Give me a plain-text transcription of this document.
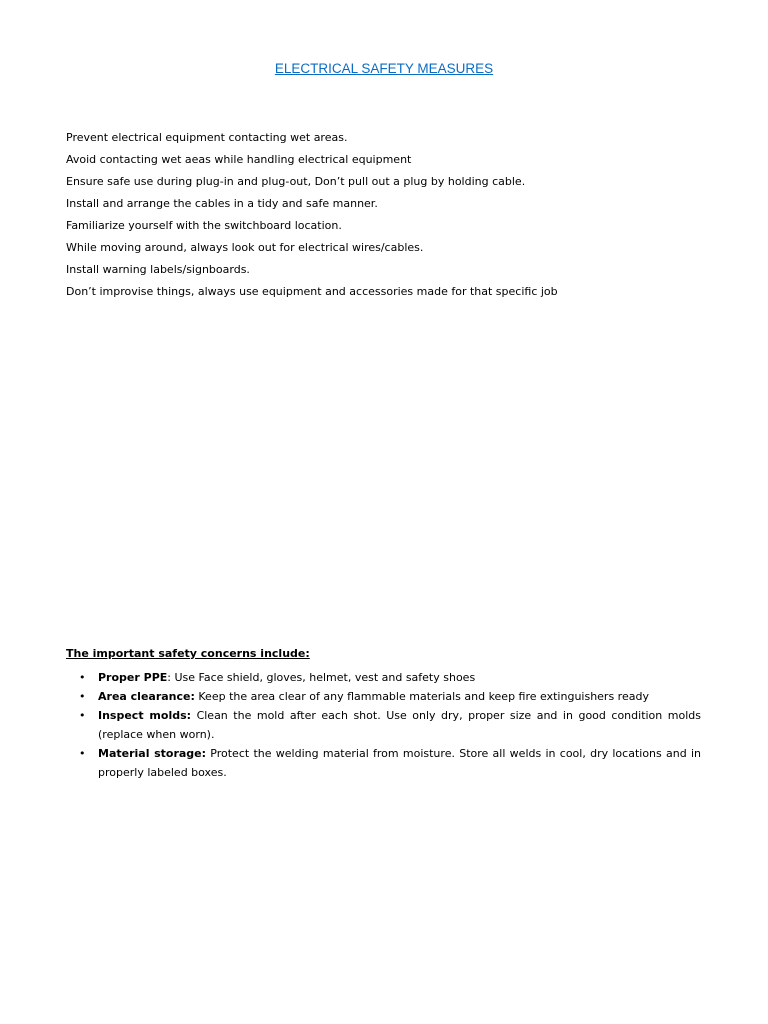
ELECTRICAL SAFETY MEASURES
Prevent electrical equipment contacting wet areas.
Avoid contacting wet aeas while handling electrical equipment
Ensure safe use during plug-in and plug-out, Don’t pull out a plug by holding cable.
Install and arrange the cables in a tidy and safe manner.
Familiarize yourself with the switchboard location.
While moving around, always look out for electrical wires/cables.
Install warning labels/signboards.
Don’t improvise things, always use equipment and accessories made for that specific job
The important safety concerns include:
• Proper PPE: Use Face shield, gloves, helmet, vest and safety shoes
• Area clearance: Keep the area clear of any flammable materials and keep fire extinguishers ready
• Inspect molds: Clean the mold after each shot. Use only dry, proper size and in good condition molds (replace when worn).
• Material storage: Protect the welding material from moisture. Store all welds in cool, dry locations and in properly labeled boxes.
